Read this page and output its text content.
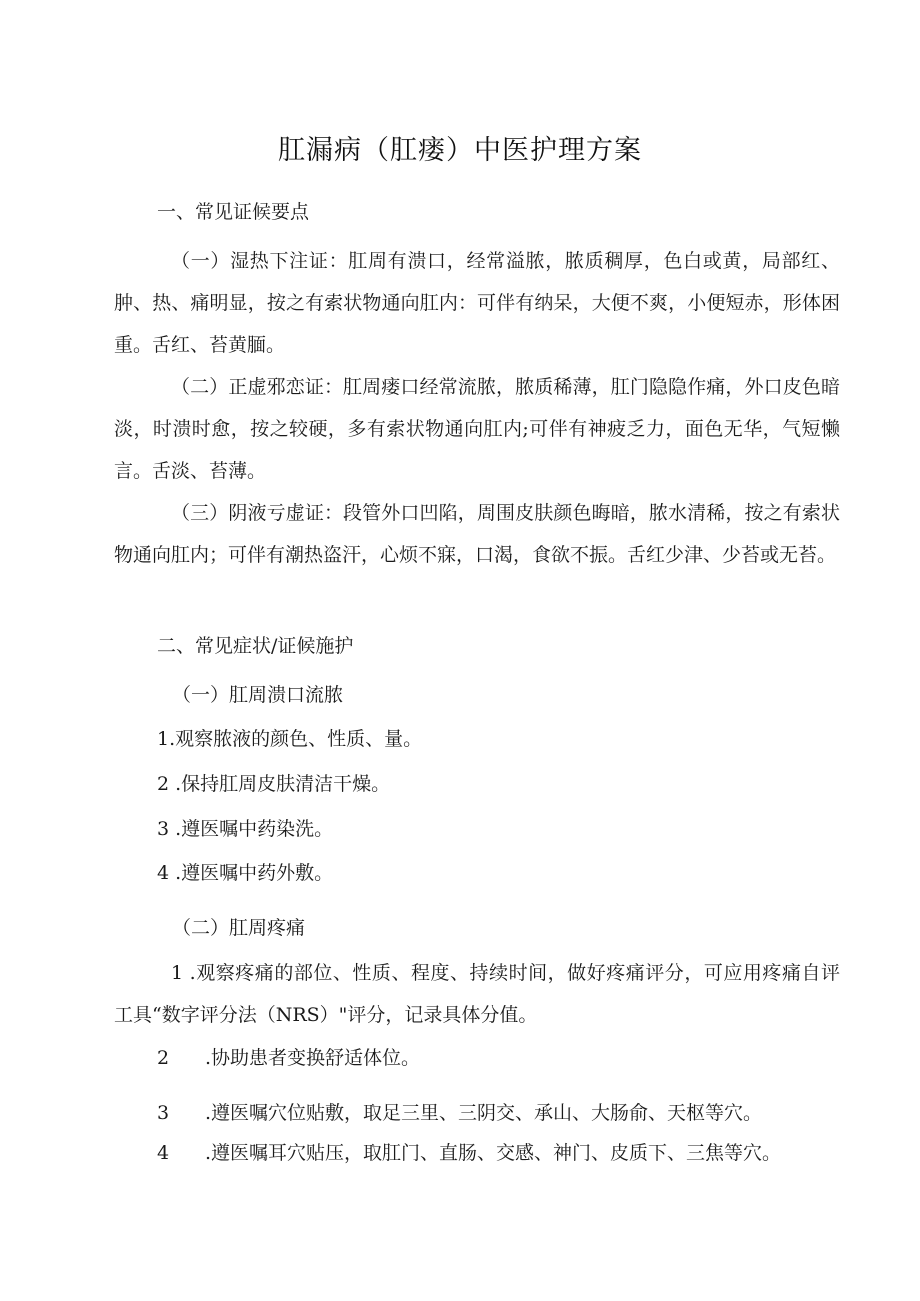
肛漏病（肛瘘）中医护理方案
一、常见证候要点
（一）湿热下注证：肛周有溃口，经常溢脓，脓质稠厚，色白或黄，局部红、肿、热、痛明显，按之有索状物通向肛内：可伴有纳呆，大便不爽，小便短赤，形体困重。舌红、苔黄腼。
（二）正虚邪恋证：肛周瘘口经常流脓，脓质稀薄，肛门隐隐作痛，外口皮色暗淡，时溃时愈，按之较硬，多有索状物通向肛内;可伴有神疲乏力，面色无华，气短懒言。舌淡、苔薄。
（三）阴液亏虚证：段管外口凹陷，周围皮肤颜色晦暗，脓水清稀，按之有索状物通向肛内；可伴有潮热盗汗，心烦不寐，口渴，食欲不振。舌红少津、少苔或无苔。
二、常见症状/证候施护
（一）肛周溃口流脓
1.观察脓液的颜色、性质、量。
2 .保持肛周皮肤清洁干燥。
3 .遵医嘱中药染洗。
4 .遵医嘱中药外敷。
（二）肛周疼痛
1 .观察疼痛的部位、性质、程度、持续时间，做好疼痛评分，可应用疼痛自评工具“数字评分法（NRS）"评分，记录具体分值。
2 .协助患者变换舒适体位。
3 .遵医嘱穴位贴敷，取足三里、三阴交、承山、大肠俞、天枢等穴。
4 .遵医嘱耳穴贴压，取肛门、直肠、交感、神门、皮质下、三焦等穴。
